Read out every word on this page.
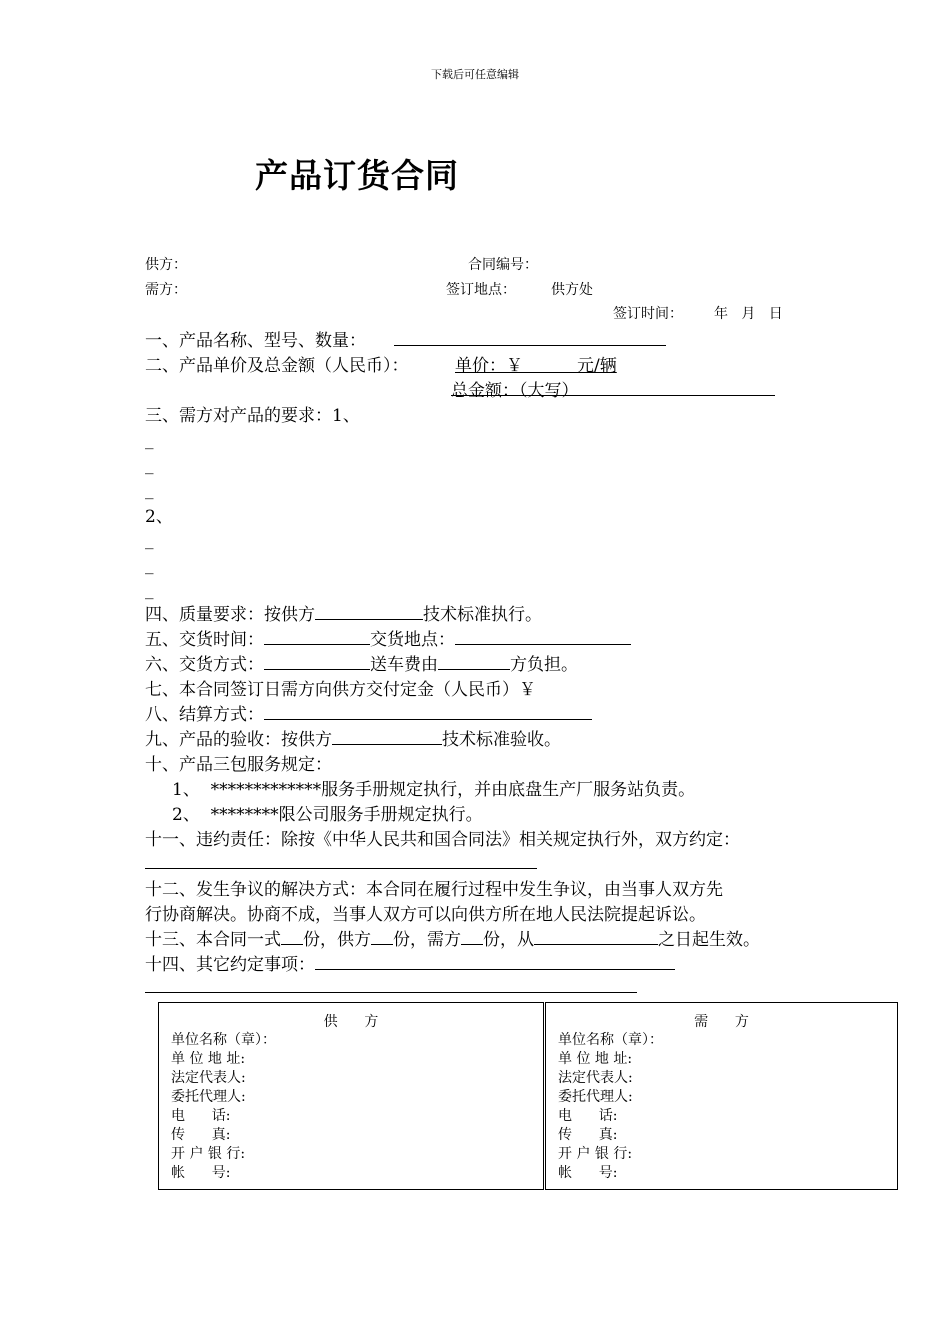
下载后可任意编辑
产品订货合同
供方：	合同编号：
需方：	签订地点：	供方处
签订时间： 年   月   日
一、产品名称、型号、数量：
二、产品单价及总金额（人民币）：	单价：￥          元/辆
总金额：（大写）
三、需方对产品的要求：1、
_
_
_
2、
_
_
_
四、质量要求：按供方	技术标准执行。
五、交货时间：	交货地点：
六、交货方式：	送车费由	方负担。
七、本合同签订日需方向供方交付定金（人民币）￥
八、结算方式：
九、产品的验收：按供方	技术标准验收。
十、产品三包服务规定：
1、  *************服务手册规定执行，并由底盘生产厂服务站负责。
2、  ********限公司服务手册规定执行。
十一、违约责任：除按《中华人民共和国合同法》相关规定执行外，双方约定：
十二、发生争议的解决方式：本合同在履行过程中发生争议，由当事人双方先
行协商解决。协商不成，当事人双方可以向供方所在地人民法院提起诉讼。
十三、本合同一式 份，供方 份，需方 份，从	之日起生效。
十四、其它约定事项：
供      方
单位名称（章）：
单 位 地 址:
法定代表人:
委托代理人:
电      话:
传      真:
开 户 银 行:
帐      号:
需      方
单位名称（章）：
单 位 地 址:
法定代表人:
委托代理人:
电      话:
传      真:
开 户 银 行:
帐      号:
